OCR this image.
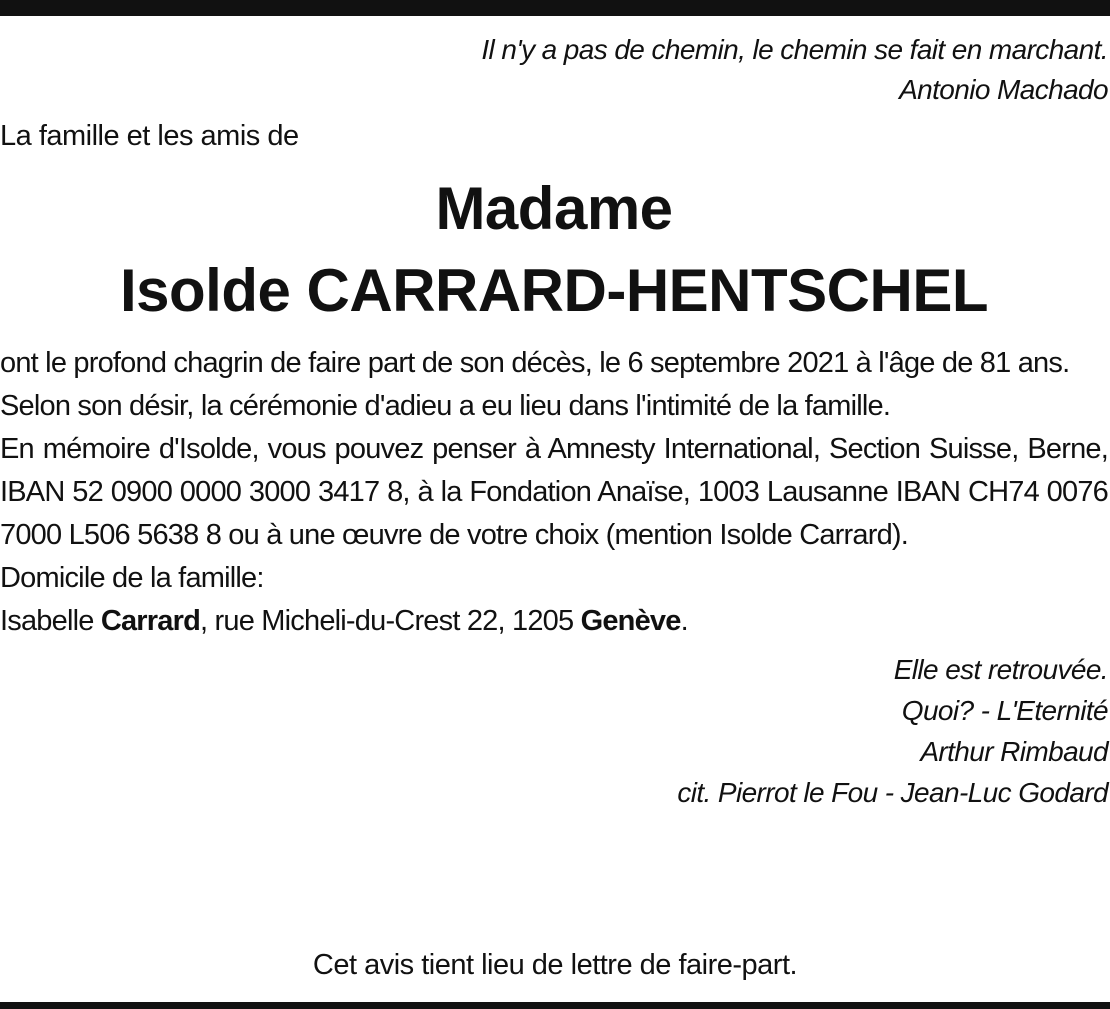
Il n'y a pas de chemin, le chemin se fait en marchant.
Antonio Machado
La famille et les amis de
Madame
Isolde CARRARD-HENTSCHEL

ont le profond chagrin de faire part de son décès, le 6 septembre 2021 à l'âge de 81 ans.

Selon son désir, la cérémonie d'adieu a eu lieu dans l'intimité de la famille.

En mémoire d'Isolde, vous pouvez penser à Amnesty International, Section Suisse, Berne, IBAN 52 0900 0000 3000 3417 8, à la Fondation Anaïse, 1003 Lausanne IBAN CH74 0076 7000 L506 5638 8 ou à une œuvre de votre choix (mention Isolde Carrard).

Domicile de la famille:

Isabelle Carrard, rue Micheli-du-Crest 22, 1205 Genève.

Elle est retrouvée.
Quoi? - L'Eternité
Arthur Rimbaud
cit. Pierrot le Fou - Jean-Luc Godard
Cet avis tient lieu de lettre de faire-part.
